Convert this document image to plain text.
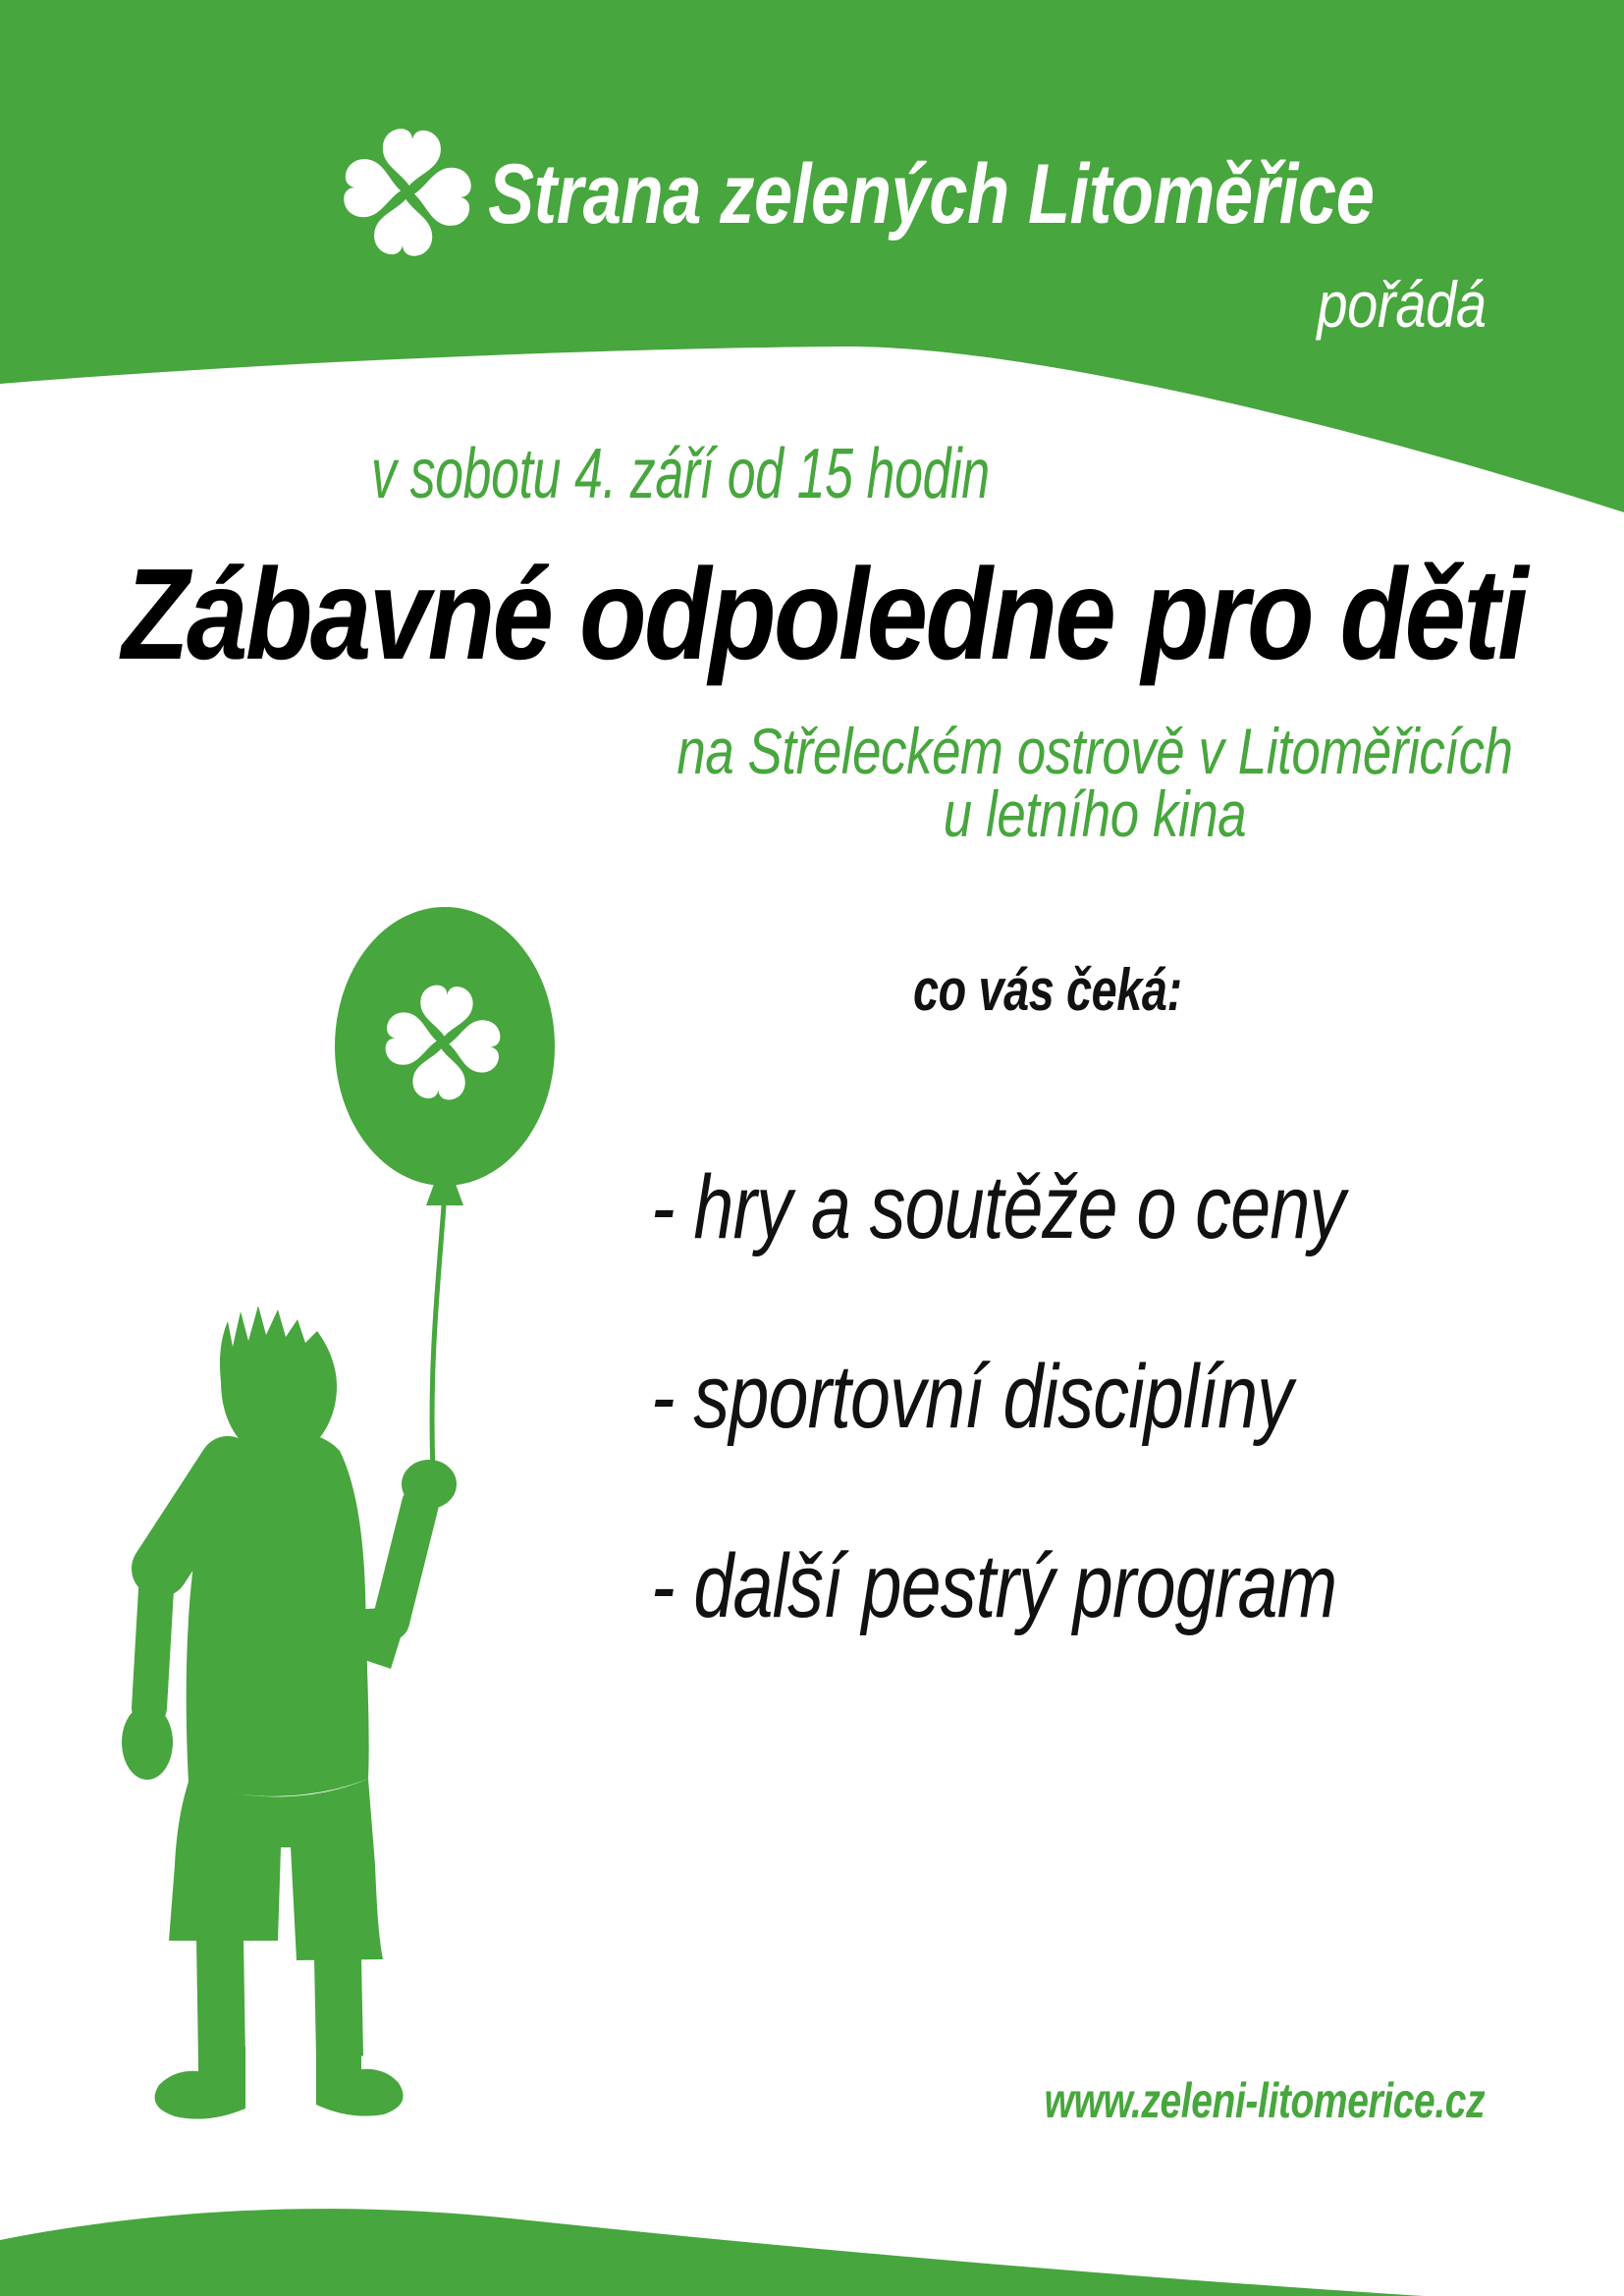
Strana zelených Litoměřice
pořádá
v sobotu 4. září od 15 hodin
Zábavné odpoledne pro děti
na Střeleckém ostrově v Litoměřicích
u letního kina
co vás čeká:
- hry a soutěže o ceny
- sportovní disciplíny
- další pestrý program
www.zeleni-litomerice.cz
